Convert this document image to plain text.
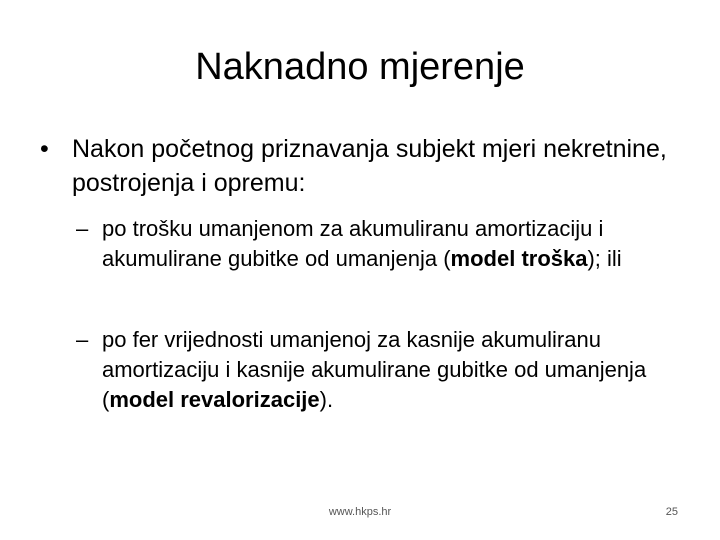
Naknadno mjerenje
• Nakon početnog priznavanja subjekt mjeri nekretnine, postrojenja i opremu:
– po trošku umanjenom za akumuliranu amortizaciju i akumulirane gubitke od umanjenja (model troška); ili
– po fer vrijednosti umanjenoj za kasnije akumuliranu amortizaciju i kasnije akumulirane gubitke od umanjenja (model revalorizacije).
www.hkps.hr	25
